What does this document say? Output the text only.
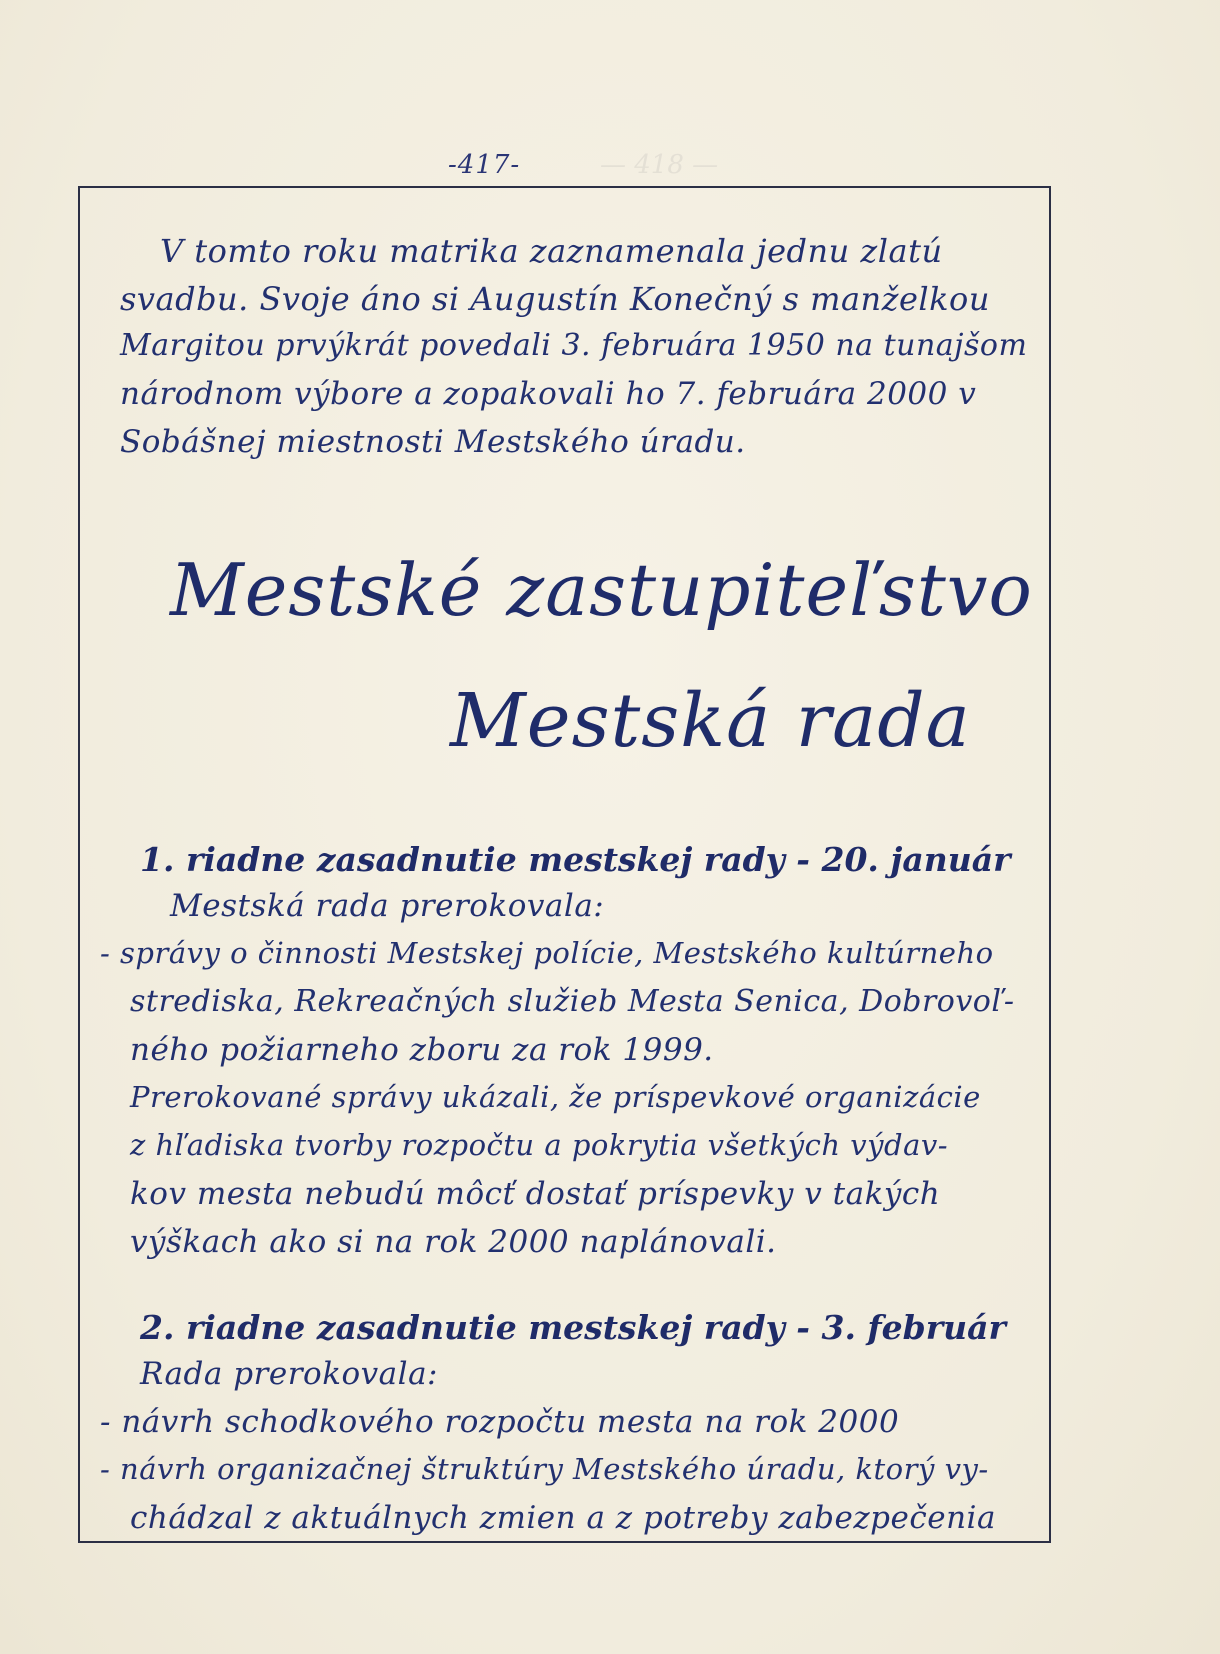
— 418 —
-417-
V tomto roku matrika zaznamenala jednu zlatú
svadbu. Svoje áno si Augustín Konečný s manželkou
Margitou prvýkrát povedali 3. februára 1950 na tunajšom
národnom výbore a zopakovali ho 7. februára 2000 v
Sobášnej miestnosti Mestského úradu.
Mestské zastupiteľstvo
Mestská rada
1. riadne zasadnutie mestskej rady - 20. január
Mestská rada prerokovala:
- správy o činnosti Mestskej polície, Mestského kultúrneho
strediska, Rekreačných služieb Mesta Senica, Dobrovoľ-
ného požiarneho zboru za rok 1999.
Prerokované správy ukázali, že príspevkové organizácie
z hľadiska tvorby rozpočtu a pokrytia všetkých výdav-
kov mesta nebudú môcť dostať príspevky v takých
výškach ako si na rok 2000 naplánovali.
2. riadne zasadnutie mestskej rady - 3. február
Rada prerokovala:
- návrh schodkového rozpočtu mesta na rok 2000
- návrh organizačnej štruktúry Mestského úradu, ktorý vy-
chádzal z aktuálnych zmien a z potreby zabezpečenia
